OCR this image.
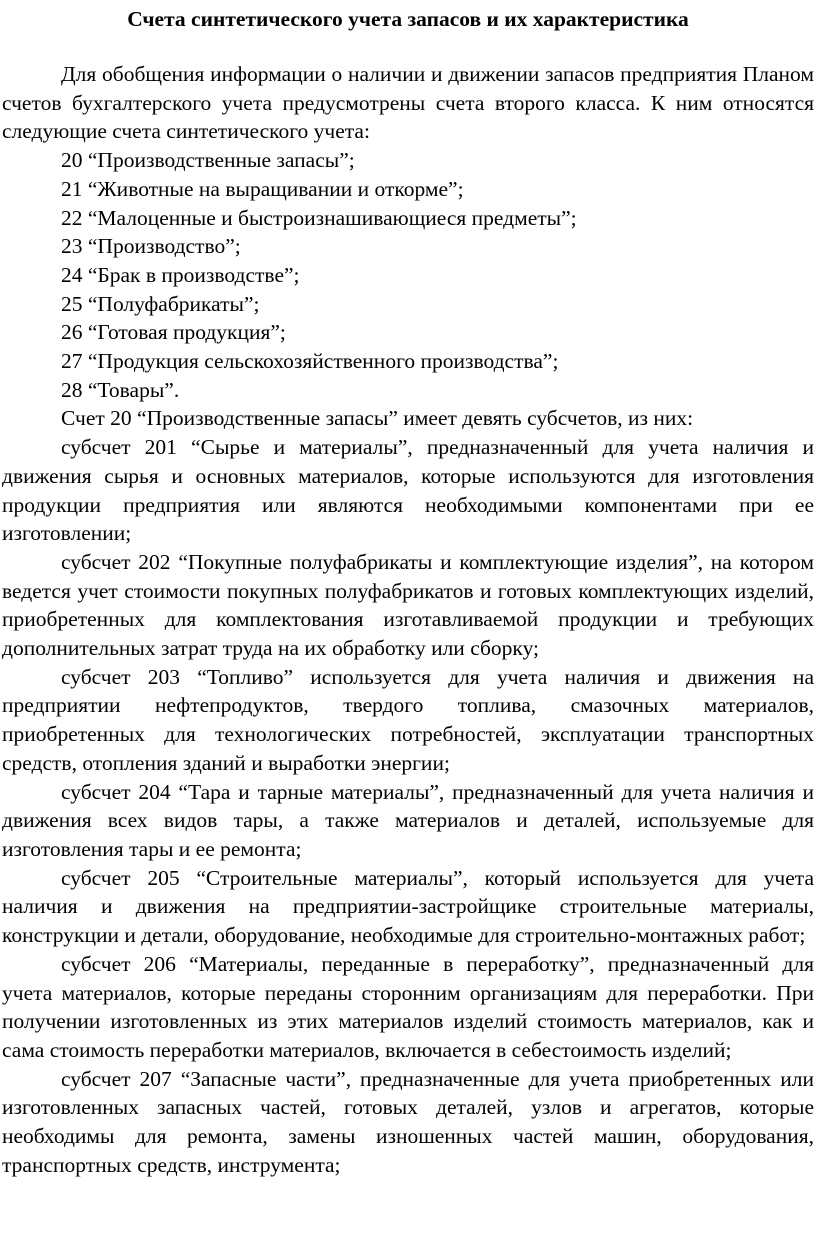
Счета синтетического учета запасов и их характеристика

Для обобщения информации о наличии и движении запасов предприятия Планом счетов бухгалтерского учета предусмотрены счета второго класса. К ним относятся следующие счета синтетического учета:

20 “Производственные запасы”;

21 “Животные на выращивании и откорме”;

22 “Малоценные и быстроизнашивающиеся предметы”;

23 “Производство”;

24 “Брак в производстве”;

25 “Полуфабрикаты”;

26 “Готовая продукция”;

27 “Продукция сельскохозяйственного производства”;

28 “Товары”.

Счет 20 “Производственные запасы” имеет девять субсчетов, из них:

субсчет 201 “Сырье и материалы”, предназначенный для учета наличия и движения сырья и основных материалов, которые используются для изготовления продукции предприятия или являются необходимыми компонентами при ее изготовлении;

субсчет 202 “Покупные полуфабрикаты и комплектующие изделия”, на котором ведется учет стоимости покупных полуфабрикатов и готовых комплектующих изделий, приобретенных для комплектования изготавливаемой продукции и требующих дополнительных затрат труда на их обработку или сборку;

субсчет 203 “Топливо” используется для учета наличия и движения на предприятии нефтепродуктов, твердого топлива, смазочных материалов, приобретенных для технологических потребностей, эксплуатации транспортных средств, отопления зданий и выработки энергии;

субсчет 204 “Тара и тарные материалы”, предназначенный для учета наличия и движения всех видов тары, а также материалов и деталей, используемые для изготовления тары и ее ремонта;

субсчет 205 “Строительные материалы”, который используется для учета наличия и движения на предприятии-застройщике строительные материалы, конструкции и детали, оборудование, необходимые для строительно-монтажных работ;

субсчет 206 “Материалы, переданные в переработку”, предназначенный для учета материалов, которые переданы сторонним организациям для переработки. При получении изготовленных из этих материалов изделий стоимость материалов, как и сама стоимость переработки материалов, включается в себестоимость изделий;

субсчет 207 “Запасные части”, предназначенные для учета приобретенных или изготовленных запасных частей, готовых деталей, узлов и агрегатов, которые необходимы для ремонта, замены изношенных частей машин, оборудования, транспортных средств, инструмента;
